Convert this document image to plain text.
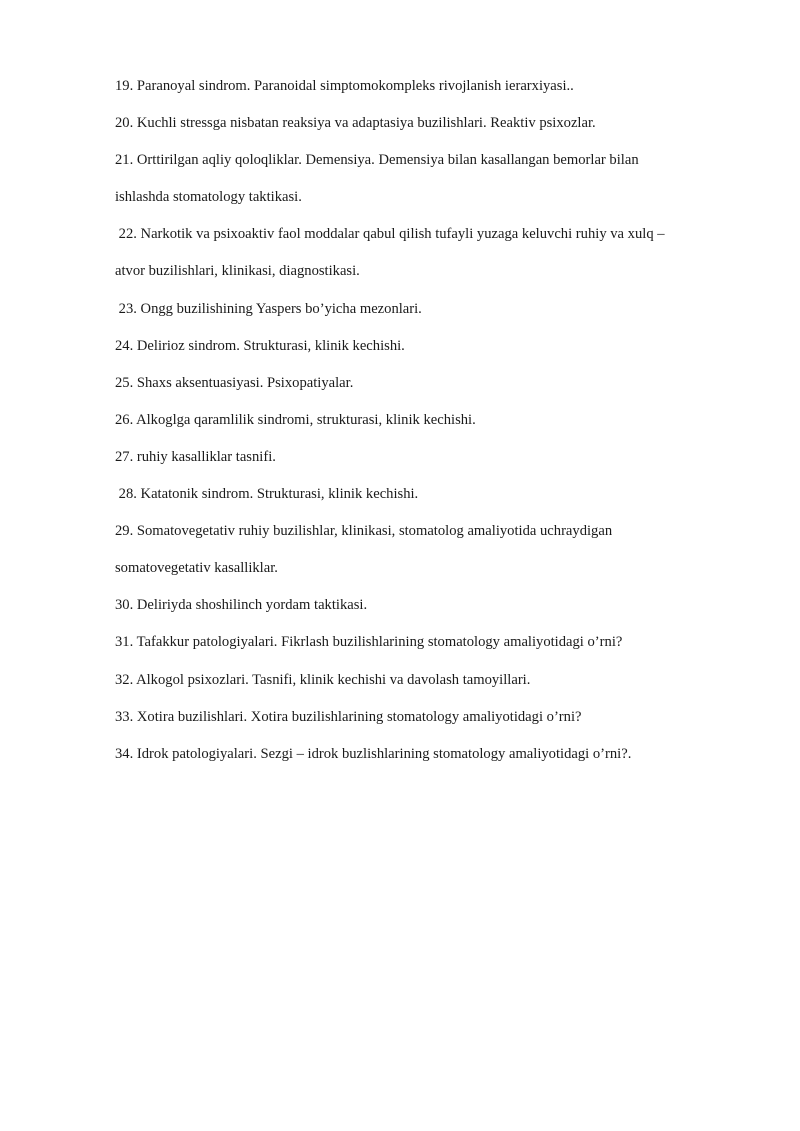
19. Paranoyal sindrom. Paranoidal simptomokompleks rivojlanish ierarxiyasi..

20. Kuchli stressga nisbatan reaksiya va adaptasiya buzilishlari. Reaktiv psixozlar.

21. Orttirilgan aqliy qoloqliklar. Demensiya. Demensiya bilan kasallangan bemorlar bilan

ishlashda stomatology taktikasi.

22. Narkotik va psixoaktiv faol moddalar qabul qilish tufayli yuzaga keluvchi ruhiy va xulq –

atvor buzilishlari, klinikasi, diagnostikasi.

23. Ongg buzilishining Yaspers bo’yicha mezonlari.

24. Delirioz sindrom. Strukturasi, klinik kechishi.

25. Shaxs aksentuasiyasi. Psixopatiyalar.

26. Alkoglga qaramlilik sindromi, strukturasi, klinik kechishi.

27. ruhiy kasalliklar tasnifi.

28. Katatonik sindrom. Strukturasi, klinik kechishi.

29. Somatovegetativ ruhiy buzilishlar, klinikasi, stomatolog amaliyotida uchraydigan

somatovegetativ kasalliklar.

30. Deliriyda shoshilinch yordam taktikasi.

31. Tafakkur patologiyalari. Fikrlash buzilishlarining stomatology amaliyotidagi o’rni?

32. Alkogol psixozlari. Tasnifi, klinik kechishi va davolash tamoyillari.

33. Xotira buzilishlari. Xotira buzilishlarining stomatology amaliyotidagi o’rni?

34. Idrok patologiyalari. Sezgi – idrok buzlishlarining stomatology amaliyotidagi o’rni?.
